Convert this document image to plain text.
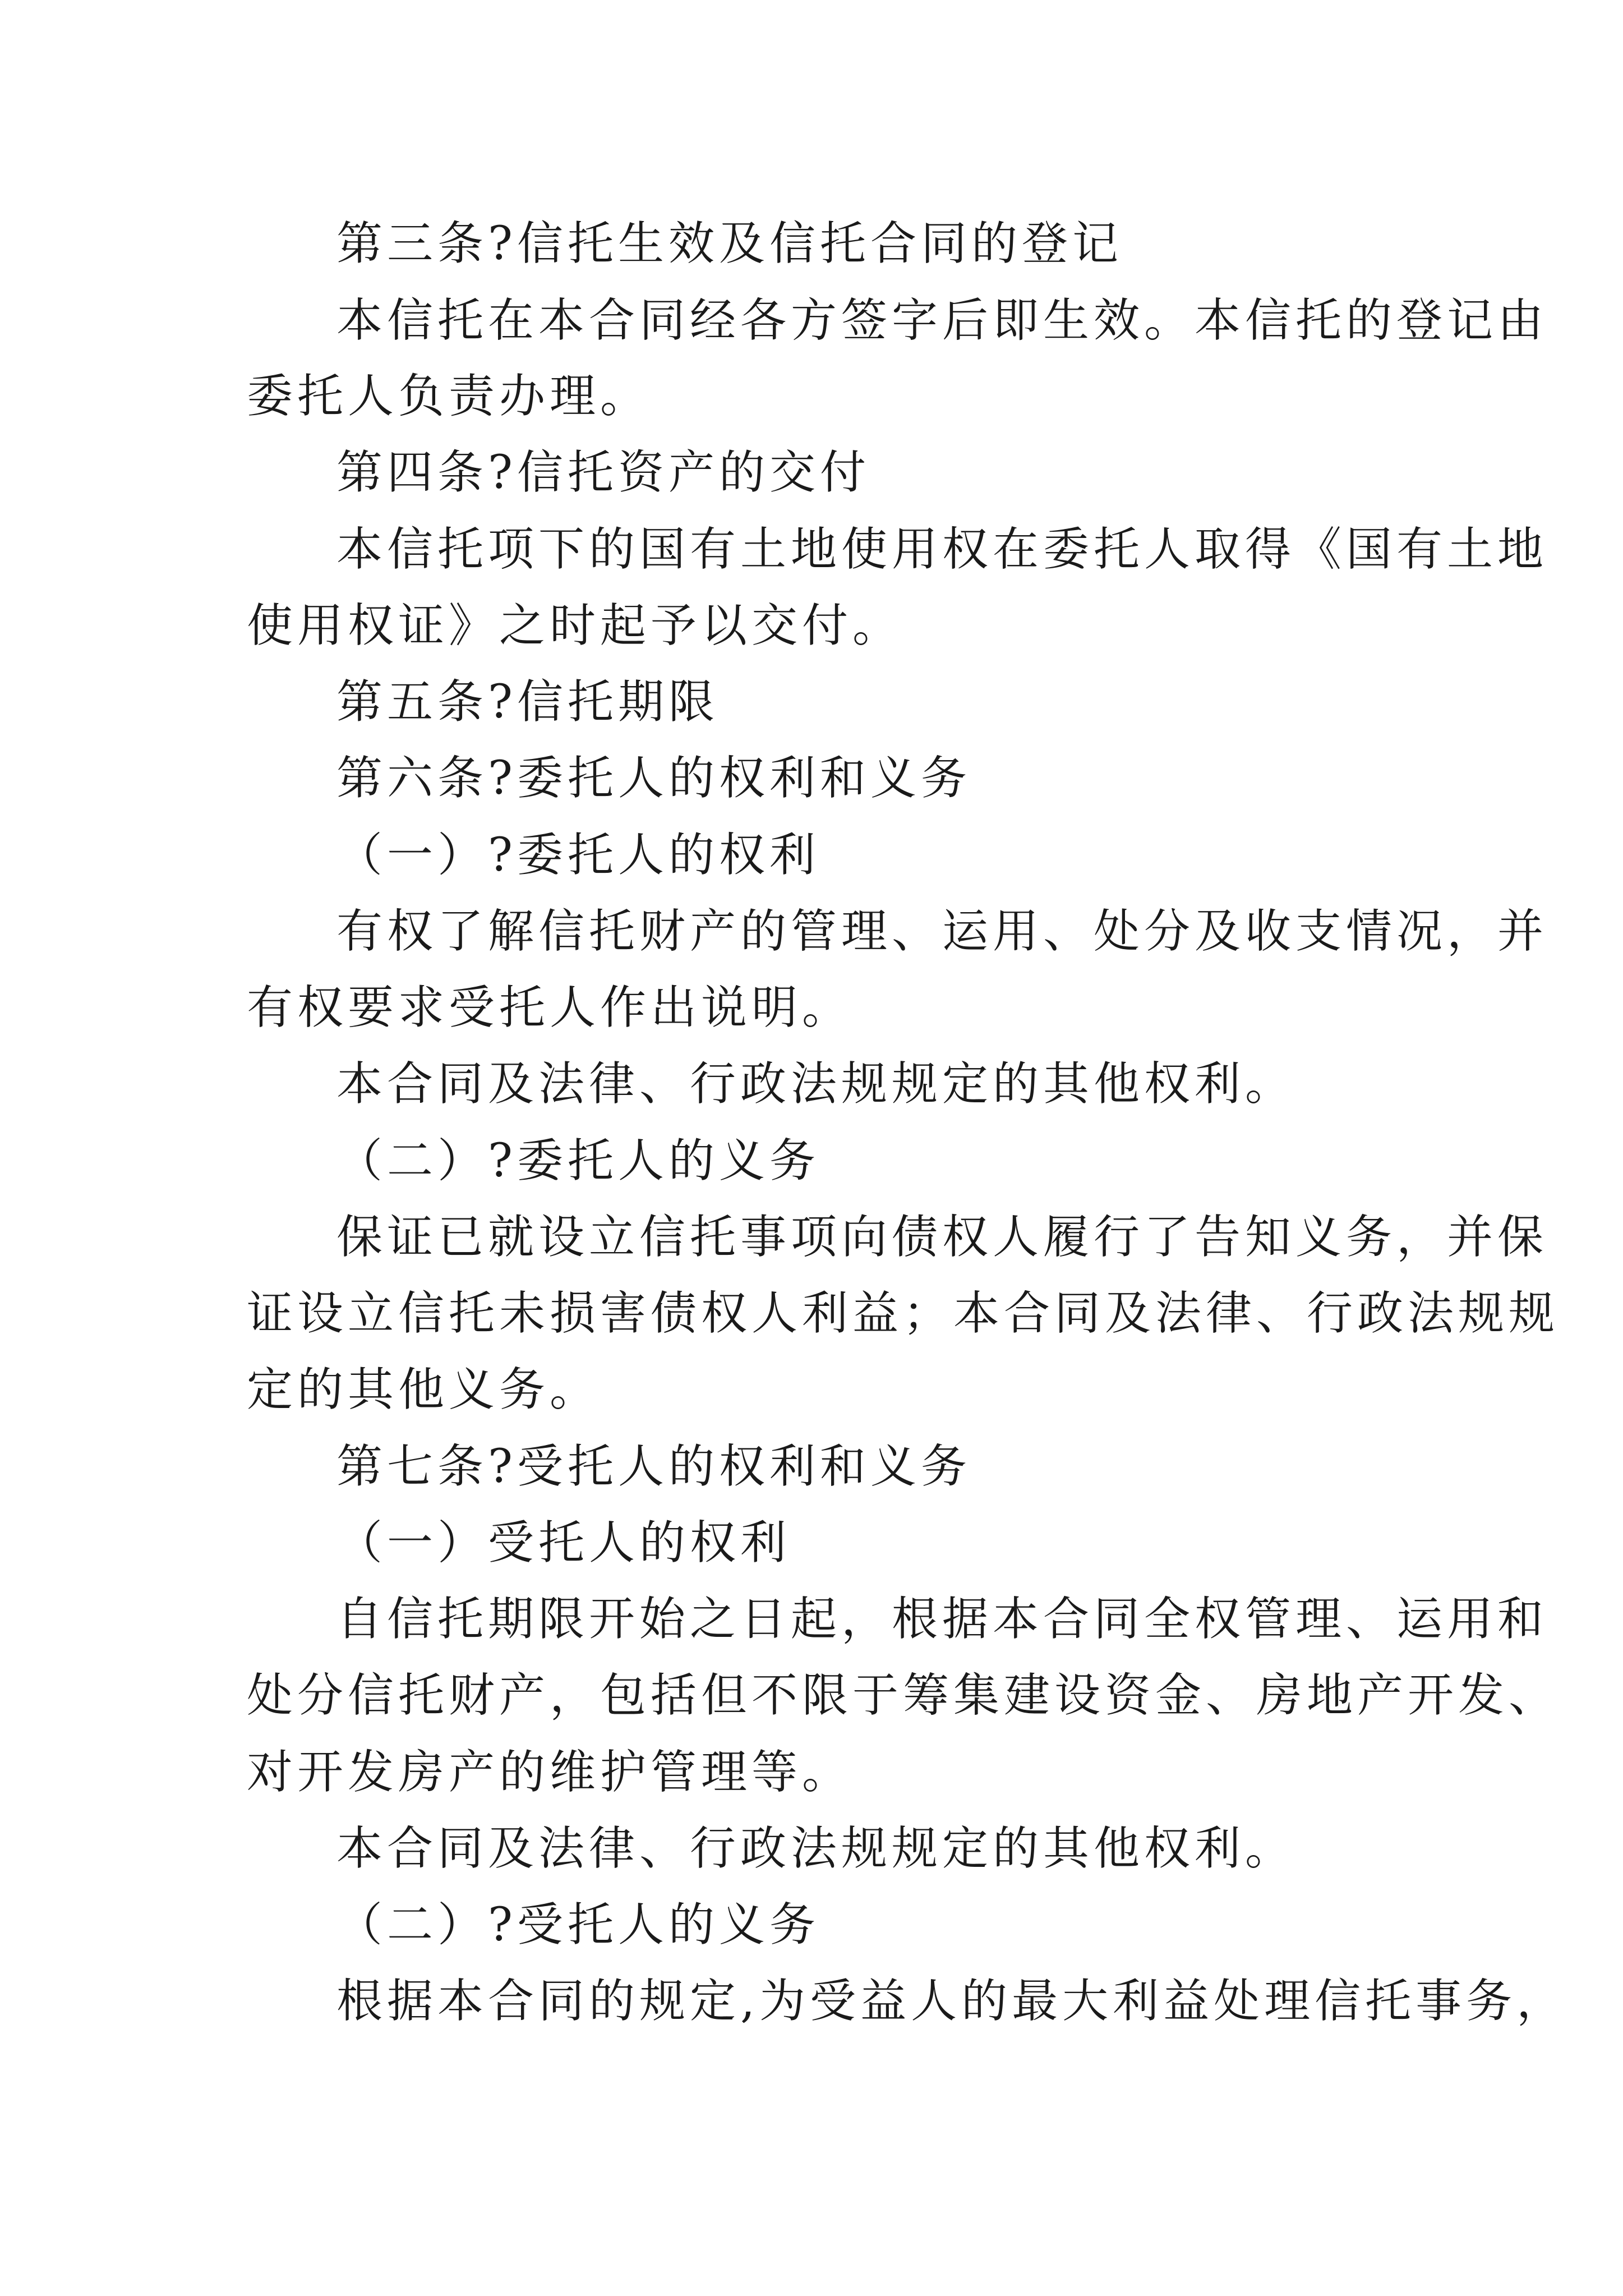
第三条?信托生效及信托合同的登记
本信托在本合同经各方签字后即生效。本信托的登记由
委托人负责办理。
第四条?信托资产的交付
本信托项下的国有土地使用权在委托人取得《国有土地
使用权证》之时起予以交付。
第五条?信托期限
第六条?委托人的权利和义务
（一）?委托人的权利
有权了解信托财产的管理、运用、处分及收支情况，并
有权要求受托人作出说明。
本合同及法律、行政法规规定的其他权利。
（二）?委托人的义务
保证已就设立信托事项向债权人履行了告知义务，并保
证设立信托未损害债权人利益；本合同及法律、行政法规规
定的其他义务。
第七条?受托人的权利和义务
（一）受托人的权利
自信托期限开始之日起，根据本合同全权管理、运用和
处分信托财产，包括但不限于筹集建设资金、房地产开发、
对开发房产的维护管理等。
本合同及法律、行政法规规定的其他权利。
（二）?受托人的义务
根据本合同的规定,为受益人的最大利益处理信托事务，
